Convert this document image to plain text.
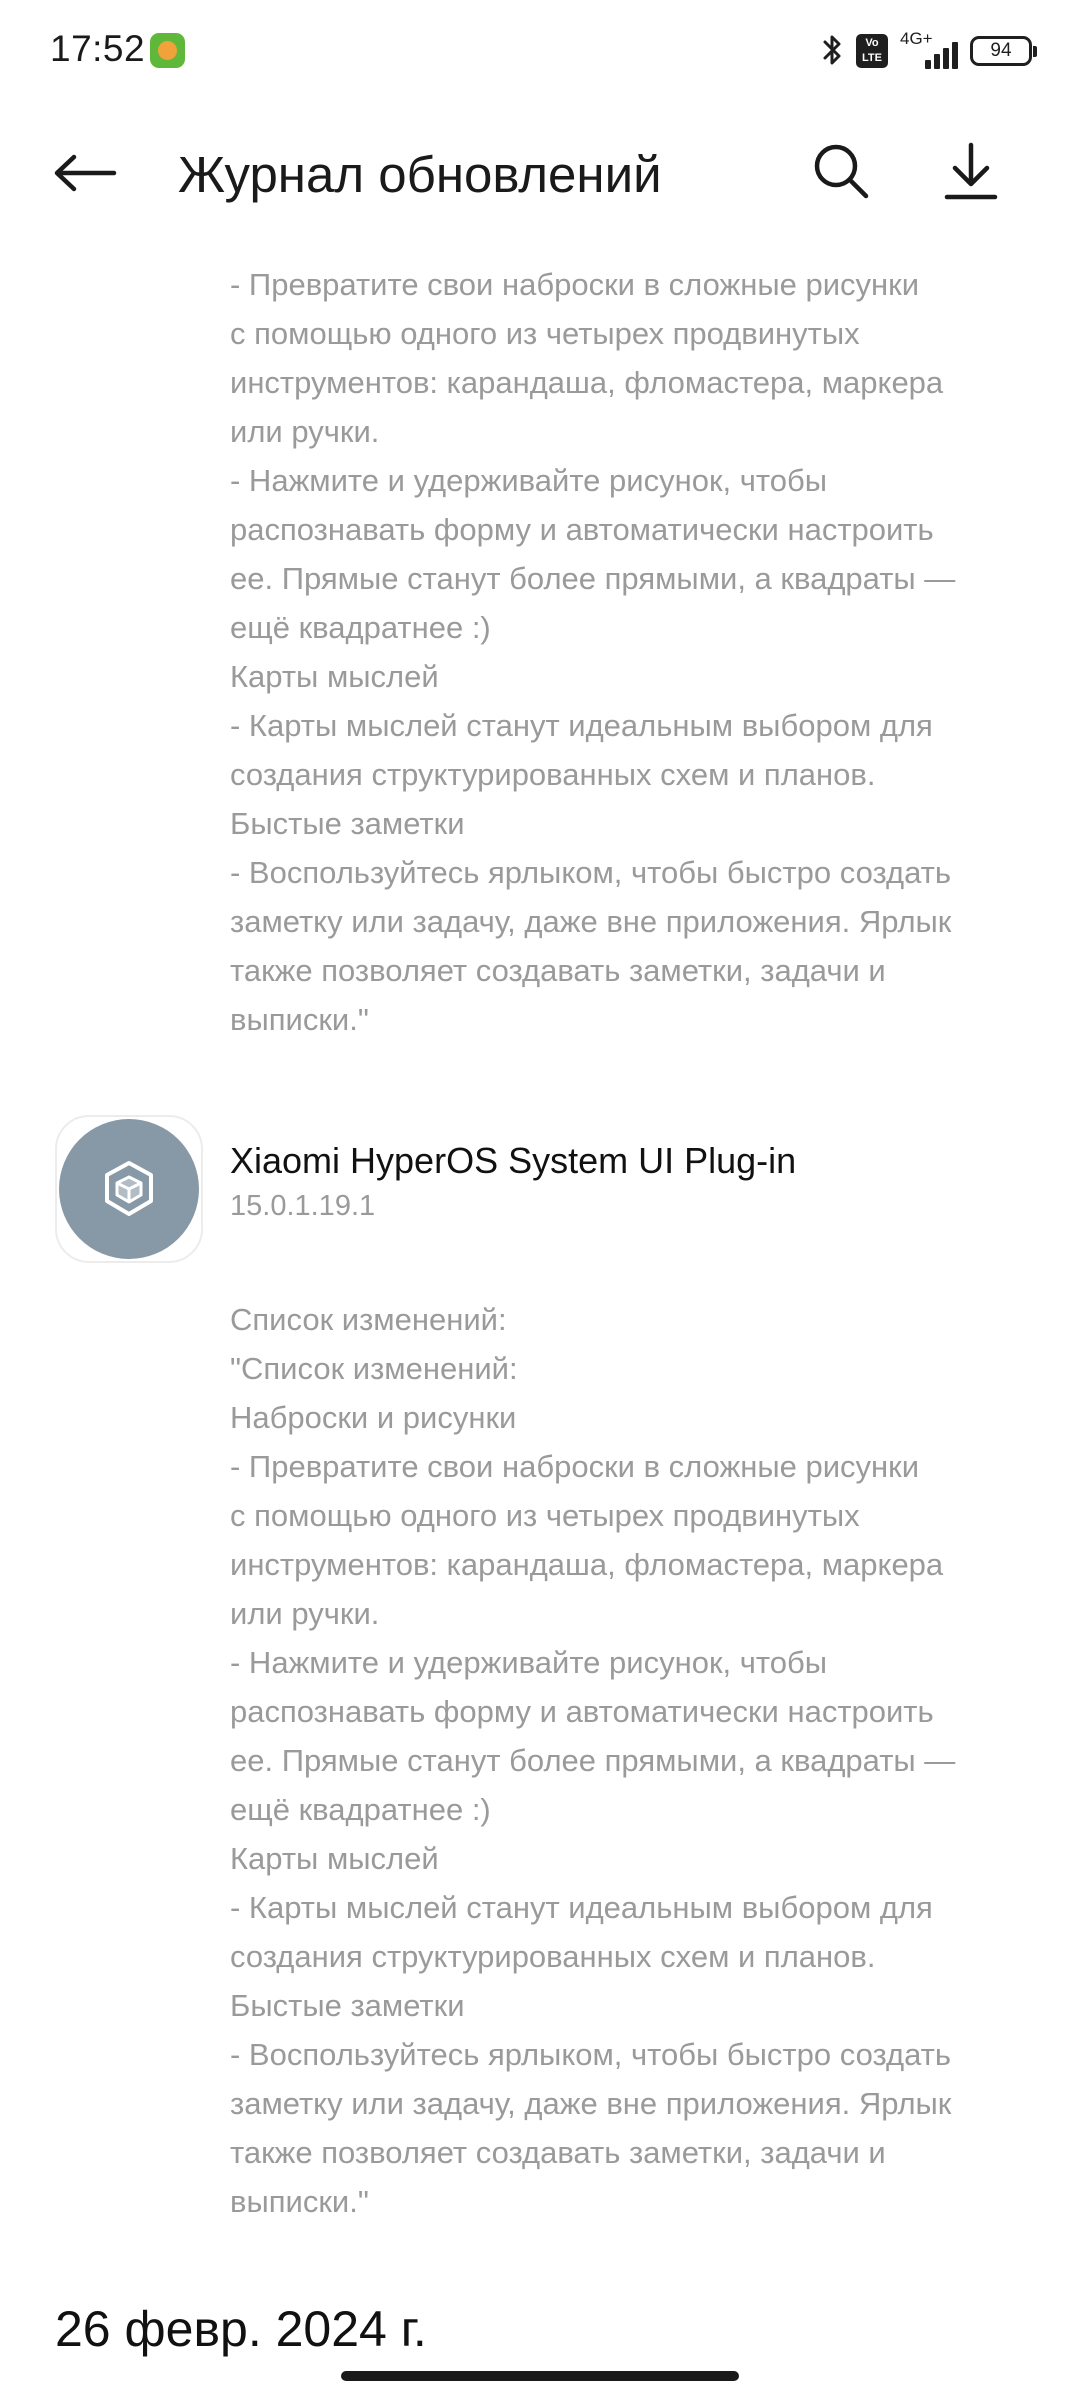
17:52	Vo LTE
4G+
94
Журнал обновлений
- Превратите свои наброски в сложные рисунки
с помощью одного из четырех продвинутых
инструментов: карандаша, фломастера, маркера
или ручки.
- Нажмите и удерживайте рисунок, чтобы
распознавать форму и автоматически настроить
ее. Прямые станут более прямыми, а квадраты —
ещё квадратнее :)
Карты мыслей
- Карты мыслей станут идеальным выбором для
создания структурированных схем и планов.
Быстые заметки
- Воспользуйтесь ярлыком, чтобы быстро создать
заметку или задачу, даже вне приложения. Ярлык
также позволяет создавать заметки, задачи и
выписки."
Xiaomi HyperOS System UI Plug-in
15.0.1.19.1
Список изменений:
"Список изменений:
Наброски и рисунки
- Превратите свои наброски в сложные рисунки
с помощью одного из четырех продвинутых
инструментов: карандаша, фломастера, маркера
или ручки.
- Нажмите и удерживайте рисунок, чтобы
распознавать форму и автоматически настроить
ее. Прямые станут более прямыми, а квадраты —
ещё квадратнее :)
Карты мыслей
- Карты мыслей станут идеальным выбором для
создания структурированных схем и планов.
Быстые заметки
- Воспользуйтесь ярлыком, чтобы быстро создать
заметку или задачу, даже вне приложения. Ярлык
также позволяет создавать заметки, задачи и
выписки."
26 февр. 2024 г.
